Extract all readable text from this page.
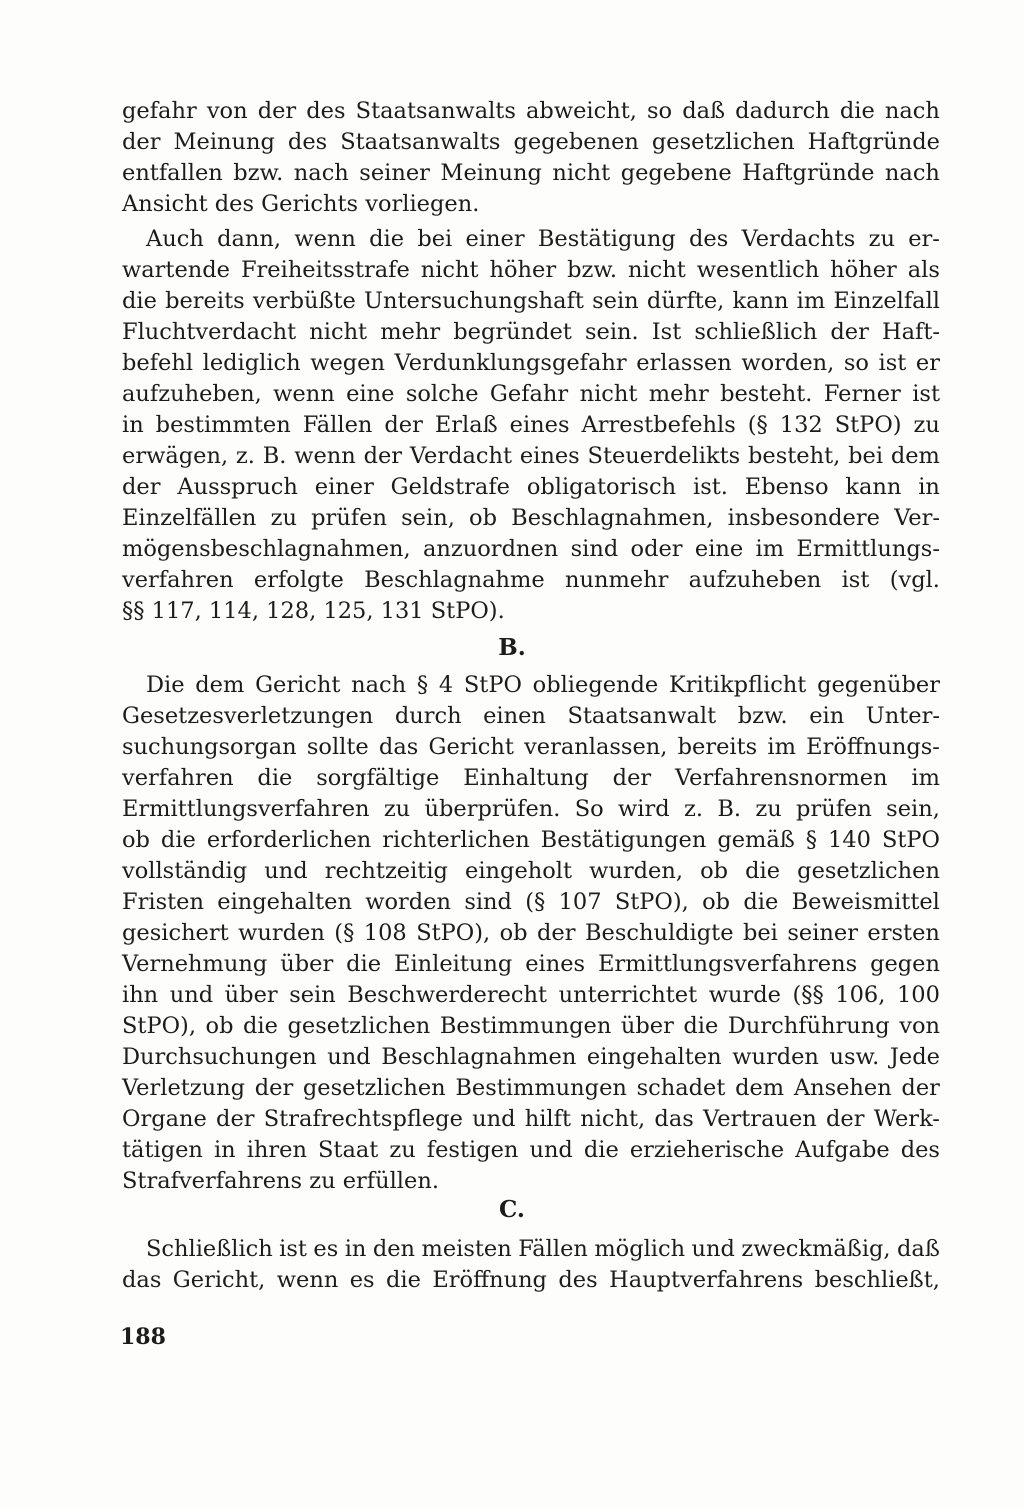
gefahr von der des Staatsanwalts abweicht, so daß dadurch die nach
der Meinung des Staatsanwalts gegebenen gesetzlichen Haftgründe
entfallen bzw. nach seiner Meinung nicht gegebene Haftgründe nach
Ansicht des Gerichts vorliegen.
Auch dann, wenn die bei einer Bestätigung des Verdachts zu er-
wartende Freiheitsstrafe nicht höher bzw. nicht wesentlich höher als
die bereits verbüßte Untersuchungshaft sein dürfte, kann im Einzelfall
Fluchtverdacht nicht mehr begründet sein. Ist schließlich der Haft-
befehl lediglich wegen Verdunklungsgefahr erlassen worden, so ist er
aufzuheben, wenn eine solche Gefahr nicht mehr besteht. Ferner ist
in bestimmten Fällen der Erlaß eines Arrestbefehls (§ 132 StPO) zu
erwägen, z. B. wenn der Verdacht eines Steuerdelikts besteht, bei dem
der Ausspruch einer Geldstrafe obligatorisch ist. Ebenso kann in
Einzelfällen zu prüfen sein, ob Beschlagnahmen, insbesondere Ver-
mögensbeschlagnahmen, anzuordnen sind oder eine im Ermittlungs-
verfahren erfolgte Beschlagnahme nunmehr aufzuheben ist (vgl.
§§ 117, 114, 128, 125, 131 StPO).
B.
Die dem Gericht nach § 4 StPO obliegende Kritikpflicht gegenüber
Gesetzesverletzungen durch einen Staatsanwalt bzw. ein Unter-
suchungsorgan sollte das Gericht veranlassen, bereits im Eröffnungs-
verfahren die sorgfältige Einhaltung der Verfahrensnormen im
Ermittlungsverfahren zu überprüfen. So wird z. B. zu prüfen sein,
ob die erforderlichen richterlichen Bestätigungen gemäß § 140 StPO
vollständig und rechtzeitig eingeholt wurden, ob die gesetzlichen
Fristen eingehalten worden sind (§ 107 StPO), ob die Beweismittel
gesichert wurden (§ 108 StPO), ob der Beschuldigte bei seiner ersten
Vernehmung über die Einleitung eines Ermittlungsverfahrens gegen
ihn und über sein Beschwerderecht unterrichtet wurde (§§ 106, 100
StPO), ob die gesetzlichen Bestimmungen über die Durchführung von
Durchsuchungen und Beschlagnahmen eingehalten wurden usw. Jede
Verletzung der gesetzlichen Bestimmungen schadet dem Ansehen der
Organe der Strafrechtspflege und hilft nicht, das Vertrauen der Werk-
tätigen in ihren Staat zu festigen und die erzieherische Aufgabe des
Strafverfahrens zu erfüllen.
C.
Schließlich ist es in den meisten Fällen möglich und zweckmäßig, daß
das Gericht, wenn es die Eröffnung des Hauptverfahrens beschließt,
188
